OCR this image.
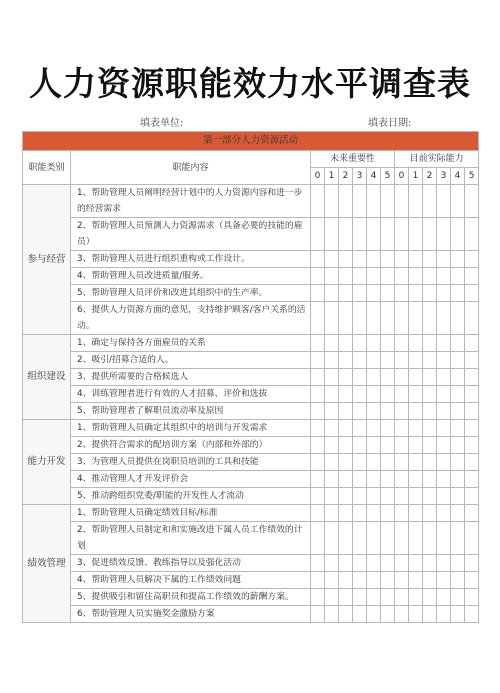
人力资源职能效力水平调查表
填表单位:	填表日期:
第一部分人力资源活动													
职能类别	职能内容	未来重要性						目前实际能力					
		0	1	2	3	4	5	0	1	2	3	4	5
参与经营	1、帮助管理人员阐明经营计划中的人力资源内容和进一步的经营需求												
	2、帮助管理人员预测人力资源需求（具备必要的技能的雇员）												
	3、帮助管理人员进行组织重构或工作设计。												
	4、帮助管理人员改进质量/服务。												
	5、帮助管理人员评价和改进其组织中的生产率。												
	6、提供人力资源方面的意见，支持维护顾客/客户关系的活动。												
组织建设	1、确定与保持各方面雇员的关系												
	2、吸引/招募合适的人。												
	3、提供所需要的合格候选人												
	4、训练管理者进行有效的人才招募、评价和选拔												
	5、帮助管理者了解职员流动率及原因												
能力开发	1、帮助管理人员确定其组织中的培训与开发需求												
	2、提供符合需求的配培训方案（内部和外部的）												
	3、为管理人员提供在岗职员培训的工具和技能												
	4、推动管理人才开发评价会												
	5、推动跨组织党委/职能的开发性人才流动												
绩效管理	1、帮助管理人员确定绩效目标/标准												
	2、帮助管理人员制定和和实施改进下属人员工作绩效的计划												
	3、促进绩效反馈、教练指导以及强化活动												
	4、帮助管理人员解决下属的工作绩效问题												
	5、提供吸引和留住高职员和提高工作绩效的薪酬方案。												
	6、帮助管理人员实施奖金激励方案												
